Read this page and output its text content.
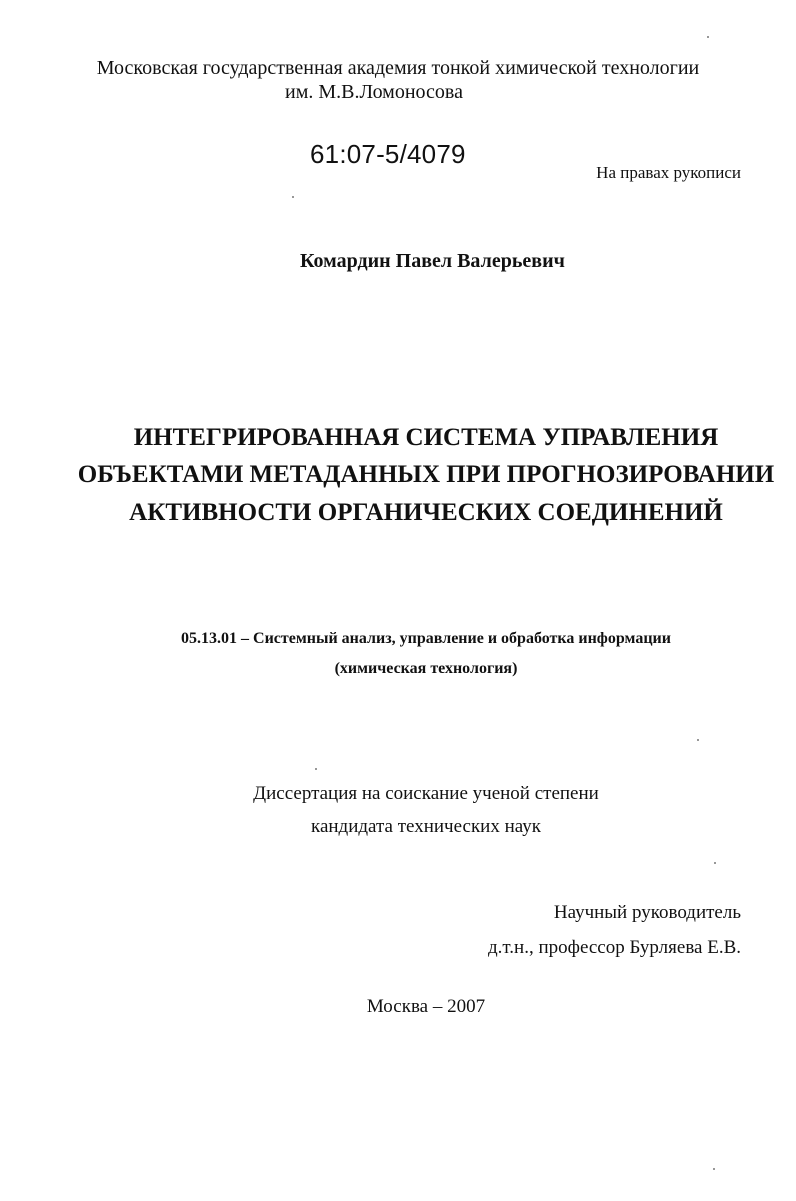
Московская государственная академия тонкой химической технологии
им. М.В.Ломоносова
61:07-5/4079
На правах рукописи
Комардин Павел Валерьевич
ИНТЕГРИРОВАННАЯ СИСТЕМА УПРАВЛЕНИЯ
ОБЪЕКТАМИ МЕТАДАННЫХ ПРИ ПРОГНОЗИРОВАНИИ
АКТИВНОСТИ ОРГАНИЧЕСКИХ СОЕДИНЕНИЙ
05.13.01 – Системный анализ, управление и обработка информации
(химическая технология)
Диссертация на соискание ученой степени
кандидата технических наук
Научный руководитель
д.т.н., профессор Бурляева Е.В.
Москва – 2007
